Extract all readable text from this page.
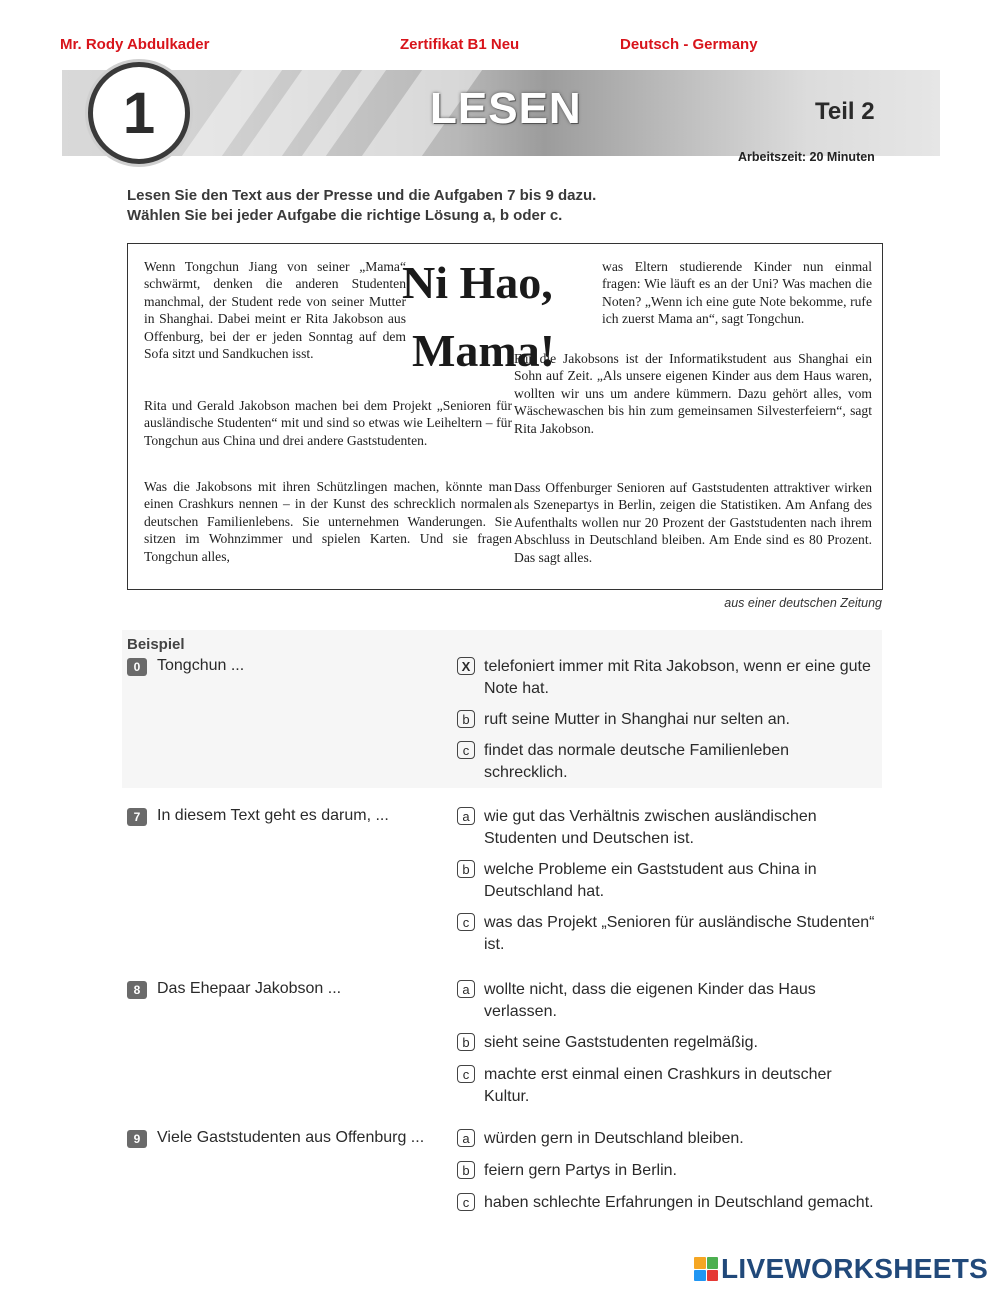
Mr. Rody Abdulkader	Zertifikat B1 Neu	Deutsch - Germany
1	LESEN	Teil 2
Arbeitszeit: 20 Minuten
Lesen Sie den Text aus der Presse und die Aufgaben 7 bis 9 dazu.
Wählen Sie bei jeder Aufgabe die richtige Lösung a, b oder c.
Wenn Tongchun Jiang von seiner „Mama“ schwärmt, denken die anderen Studenten manchmal, der Student rede von seiner Mutter in Shanghai. Dabei meint er Rita Jakobson aus Offenburg, bei der er jeden Sonntag auf dem Sofa sitzt und Sandkuchen isst.
Rita und Gerald Jakobson machen bei dem Projekt „Senioren für ausländische Studenten“ mit und sind so etwas wie Leiheltern – für Tongchun aus China und drei andere Gaststudenten.
Was die Jakobsons mit ihren Schützlingen machen, könnte man einen Crashkurs nennen – in der Kunst des schrecklich normalen deutschen Familienlebens. Sie unternehmen Wanderungen. Sie sitzen im Wohnzimmer und spielen Karten. Und sie fragen Tongchun alles,
Ni Hao,
Mama!
was Eltern studierende Kinder nun einmal fragen: Wie läuft es an der Uni? Was machen die Noten? „Wenn ich eine gute Note bekomme, rufe ich zuerst Mama an“, sagt Tongchun.
Für die Jakobsons ist der Informatikstudent aus Shanghai ein Sohn auf Zeit. „Als unsere eigenen Kinder aus dem Haus waren, wollten wir uns um andere kümmern. Dazu gehört alles, vom Wäschewaschen bis hin zum gemeinsamen Silvesterfeiern“, sagt Rita Jakobson.
Dass Offenburger Senioren auf Gaststudenten attraktiver wirken als Szenepartys in Berlin, zeigen die Statistiken. Am Anfang des Aufenthalts wollen nur 20 Prozent der Gaststudenten nach ihrem Abschluss in Deutschland bleiben. Am Ende sind es 80 Prozent. Das sagt alles.
aus einer deutschen Zeitung
Beispiel
0	Tongchun ...	X telefoniert immer mit Rita Jakobson, wenn er eine gute Note hat.
b ruft seine Mutter in Shanghai nur selten an.
c findet das normale deutsche Familienleben schrecklich.
7	In diesem Text geht es darum, ...	a wie gut das Verhältnis zwischen ausländischen Studenten und Deutschen ist.
b welche Probleme ein Gaststudent aus China in Deutschland hat.
c was das Projekt „Senioren für ausländische Studenten“ ist.
8	Das Ehepaar Jakobson ...	a wollte nicht, dass die eigenen Kinder das Haus verlassen.
b sieht seine Gaststudenten regelmäßig.
c machte erst einmal einen Crashkurs in deutscher Kultur.
9	Viele Gaststudenten aus Offenburg ...	a würden gern in Deutschland bleiben.
b feiern gern Partys in Berlin.
c haben schlechte Erfahrungen in Deutschland gemacht.
LIVEWORKSHEETS
